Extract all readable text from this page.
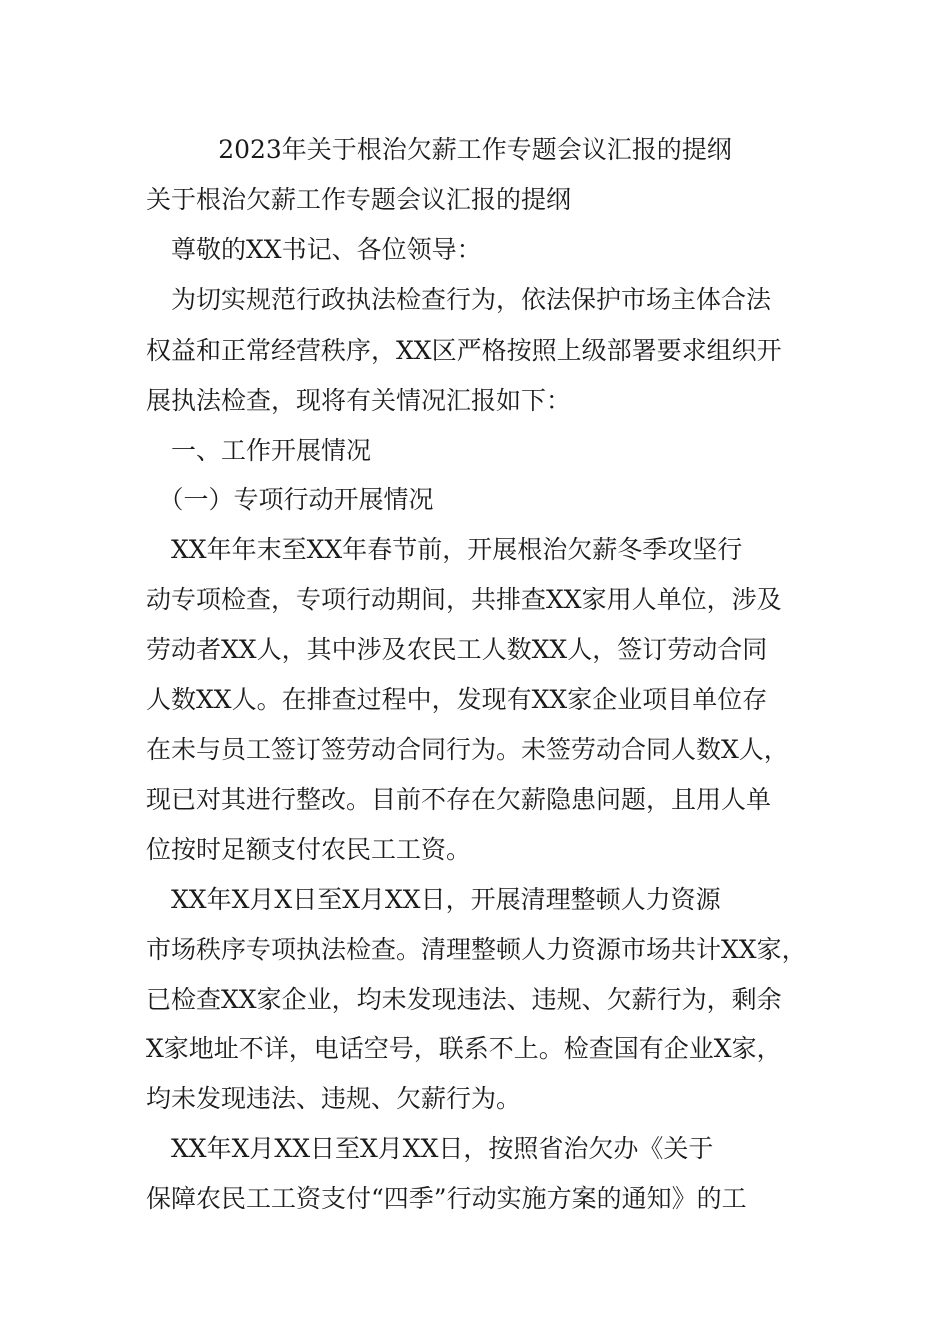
2023年关于根治欠薪工作专题会议汇报的提纲
关于根治欠薪工作专题会议汇报的提纲
　尊敬的XX书记、各位领导：
　为切实规范行政执法检查行为，依法保护市场主体合法
权益和正常经营秩序，XX区严格按照上级部署要求组织开
展执法检查，现将有关情况汇报如下：
　一、工作开展情况
　（一）专项行动开展情况
　XX年年末至XX年春节前，开展根治欠薪冬季攻坚行
动专项检查，专项行动期间，共排查XX家用人单位，涉及
劳动者XX人，其中涉及农民工人数XX人，签订劳动合同
人数XX人。在排查过程中，发现有XX家企业项目单位存
在未与员工签订签劳动合同行为。未签劳动合同人数X人，
现已对其进行整改。目前不存在欠薪隐患问题，且用人单
位按时足额支付农民工工资。
　XX年X月X日至X月XX日，开展清理整顿人力资源
市场秩序专项执法检查。清理整顿人力资源市场共计XX家，
已检查XX家企业，均未发现违法、违规、欠薪行为，剩余
X家地址不详，电话空号，联系不上。检查国有企业X家，
均未发现违法、违规、欠薪行为。
　XX年X月XX日至X月XX日，按照省治欠办《关于
保障农民工工资支付“四季”行动实施方案的通知》的工
